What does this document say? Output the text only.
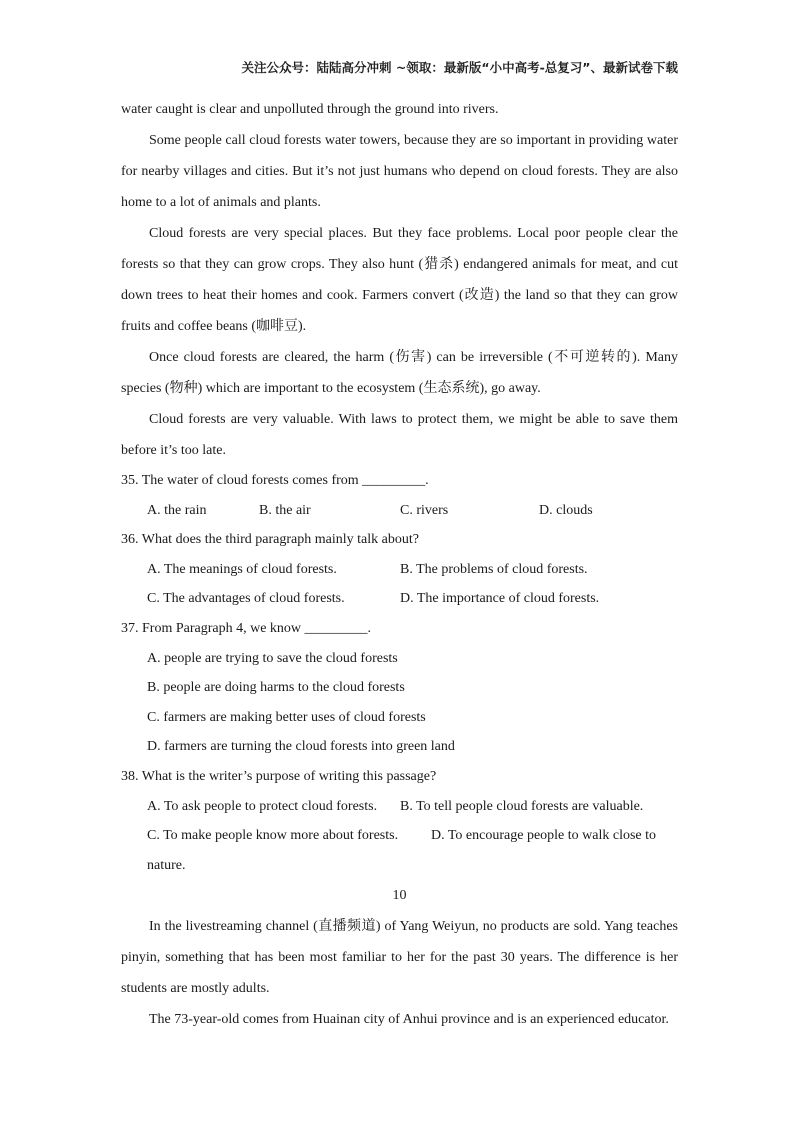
关注公众号：陆陆高分冲刺 ~领取：最新版“小中高考-总复习”、最新试卷下载

water caught is clear and unpolluted through the ground into rivers.

Some people call cloud forests water towers, because they are so important in providing water for nearby villages and cities. But it’s not just humans who depend on cloud forests. They are also home to a lot of animals and plants.

Cloud forests are very special places. But they face problems. Local poor people clear the forests so that they can grow crops. They also hunt (猎杀) endangered animals for meat, and cut down trees to heat their homes and cook. Farmers convert (改造) the land so that they can grow fruits and coffee beans (咖啡豆).

Once cloud forests are cleared, the harm (伤害) can be irreversible (不可逆转的). Many species (物种) which are important to the ecosystem (生态系统), go away.

Cloud forests are very valuable. With laws to protect them, we might be able to save them before it’s too late.

35. The water of cloud forests comes from _________.

A. the rain	B. the air	C. rivers	D. clouds

36. What does the third paragraph mainly talk about?

A. The meanings of cloud forests.	B. The problems of cloud forests.
C. The advantages of cloud forests.	D. The importance of cloud forests.

37. From Paragraph 4, we know _________.

A. people are trying to save the cloud forests

B. people are doing harms to the cloud forests

C. farmers are making better uses of cloud forests

D. farmers are turning the cloud forests into green land

38. What is the writer’s purpose of writing this passage?

A. To ask people to protect cloud forests.	B. To tell people cloud forests are valuable.
C. To make people know more about forests.	D. To encourage people to walk close to

nature.

10

In the livestreaming channel (直播频道) of Yang Weiyun, no products are sold. Yang teaches pinyin, something that has been most familiar to her for the past 30 years. The difference is her students are mostly adults.

The 73-year-old comes from Huainan city of Anhui province and is an experienced educator.
